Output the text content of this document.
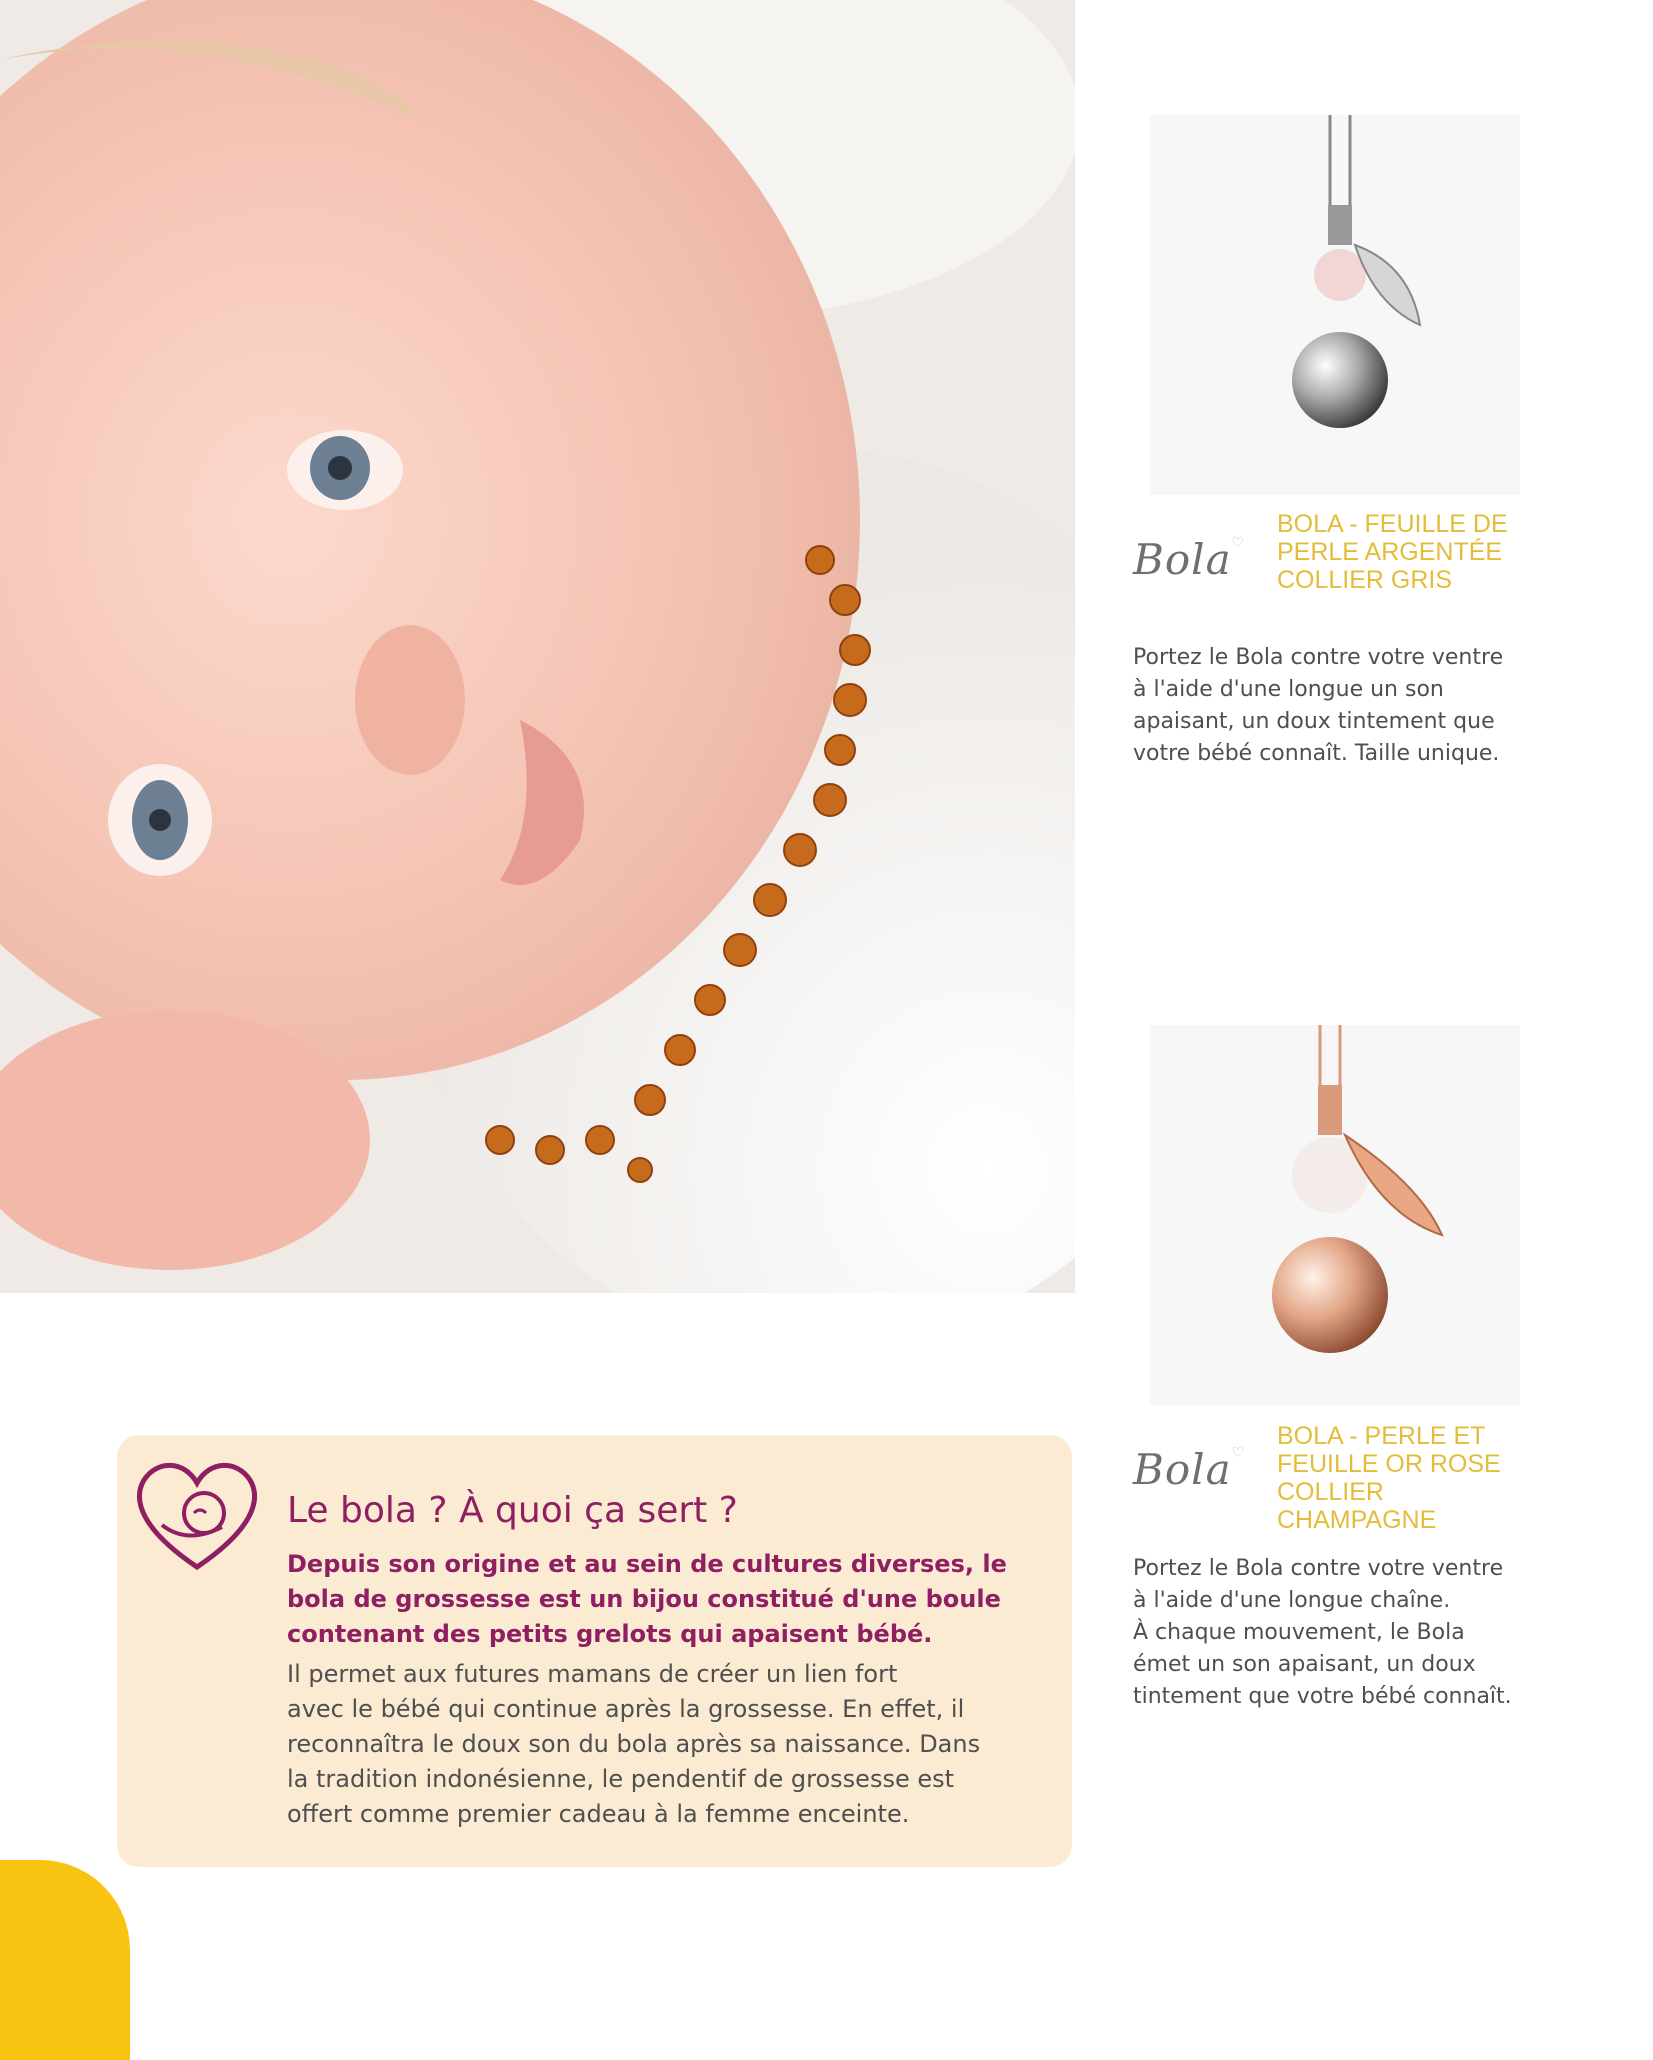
Bola♡
BOLA - FEUILLE DE
PERLE ARGENTÉE
COLLIER GRIS
Portez le Bola contre votre ventre
à l'aide d'une longue un son
apaisant, un doux tintement que
votre bébé connaît. Taille unique.
Bola♡
BOLA - PERLE ET
FEUILLE OR ROSE
COLLIER
CHAMPAGNE
Portez le Bola contre votre ventre
à l'aide d'une longue chaîne.
À chaque mouvement, le Bola
émet un son apaisant, un doux
tintement que votre bébé connaît.
Le bola ? À quoi ça sert ?
Depuis son origine et au sein de cultures diverses, le
bola de grossesse est un bijou constitué d'une boule
contenant des petits grelots qui apaisent bébé.
Il permet aux futures mamans de créer un lien fort
avec le bébé qui continue après la grossesse. En effet, il
reconnaîtra le doux son du bola après sa naissance. Dans
la tradition indonésienne, le pendentif de grossesse est
offert comme premier cadeau à la femme enceinte.
